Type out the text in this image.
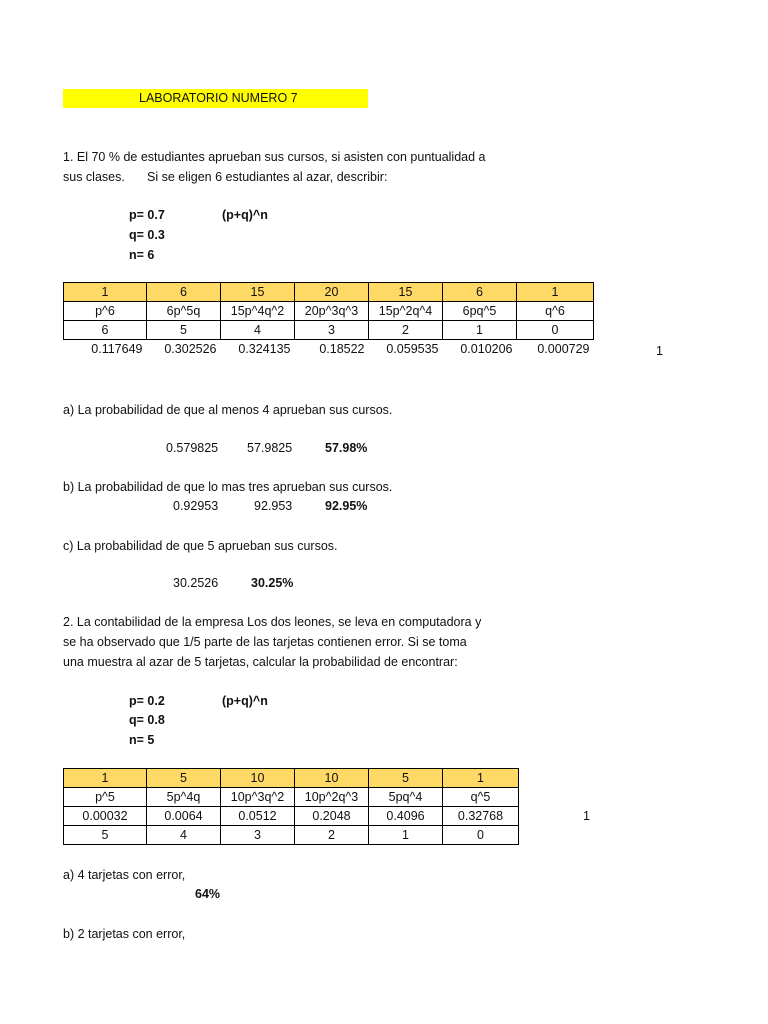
LABORATORIO NUMERO 7
1. El 70 % de estudiantes aprueban sus cursos, si asisten con puntualidad a
sus clases. Si se eligen 6 estudiantes al azar, describir:
p= 0.7	(p+q)^n
q= 0.3
n= 6
1	6	15	20	15	6	1
p^6	6p^5q	15p^4q^2	20p^3q^3	15p^2q^4	6pq^5	q^6
6	5	4	3	2	1	0
0.117649	0.302526	0.324135	0.18522	0.059535	0.010206	0.000729	1
a) La probabilidad de que al menos 4 aprueban sus cursos.
0.579825 57.9825	57.98%
b) La probabilidad de que lo mas tres aprueban sus cursos.
0.92953	92.953	92.95%
c) La probabilidad de que 5 aprueban sus cursos.
30.2526	30.25%
2. La contabilidad de la empresa Los dos leones, se leva en computadora y
se ha observado que 1/5 parte de las tarjetas contienen error. Si se toma
una muestra al azar de 5 tarjetas, calcular la probabilidad de encontrar:
p= 0.2	(p+q)^n
q= 0.8
n= 5
1	5	10	10	5	1
p^5	5p^4q	10p^3q^2	10p^2q^3	5pq^4	q^5
0.00032	0.0064	0.0512	0.2048	0.4096	0.32768
5	4	3	2	1	0
1
a) 4 tarjetas con error,
64%
b) 2 tarjetas con error,
